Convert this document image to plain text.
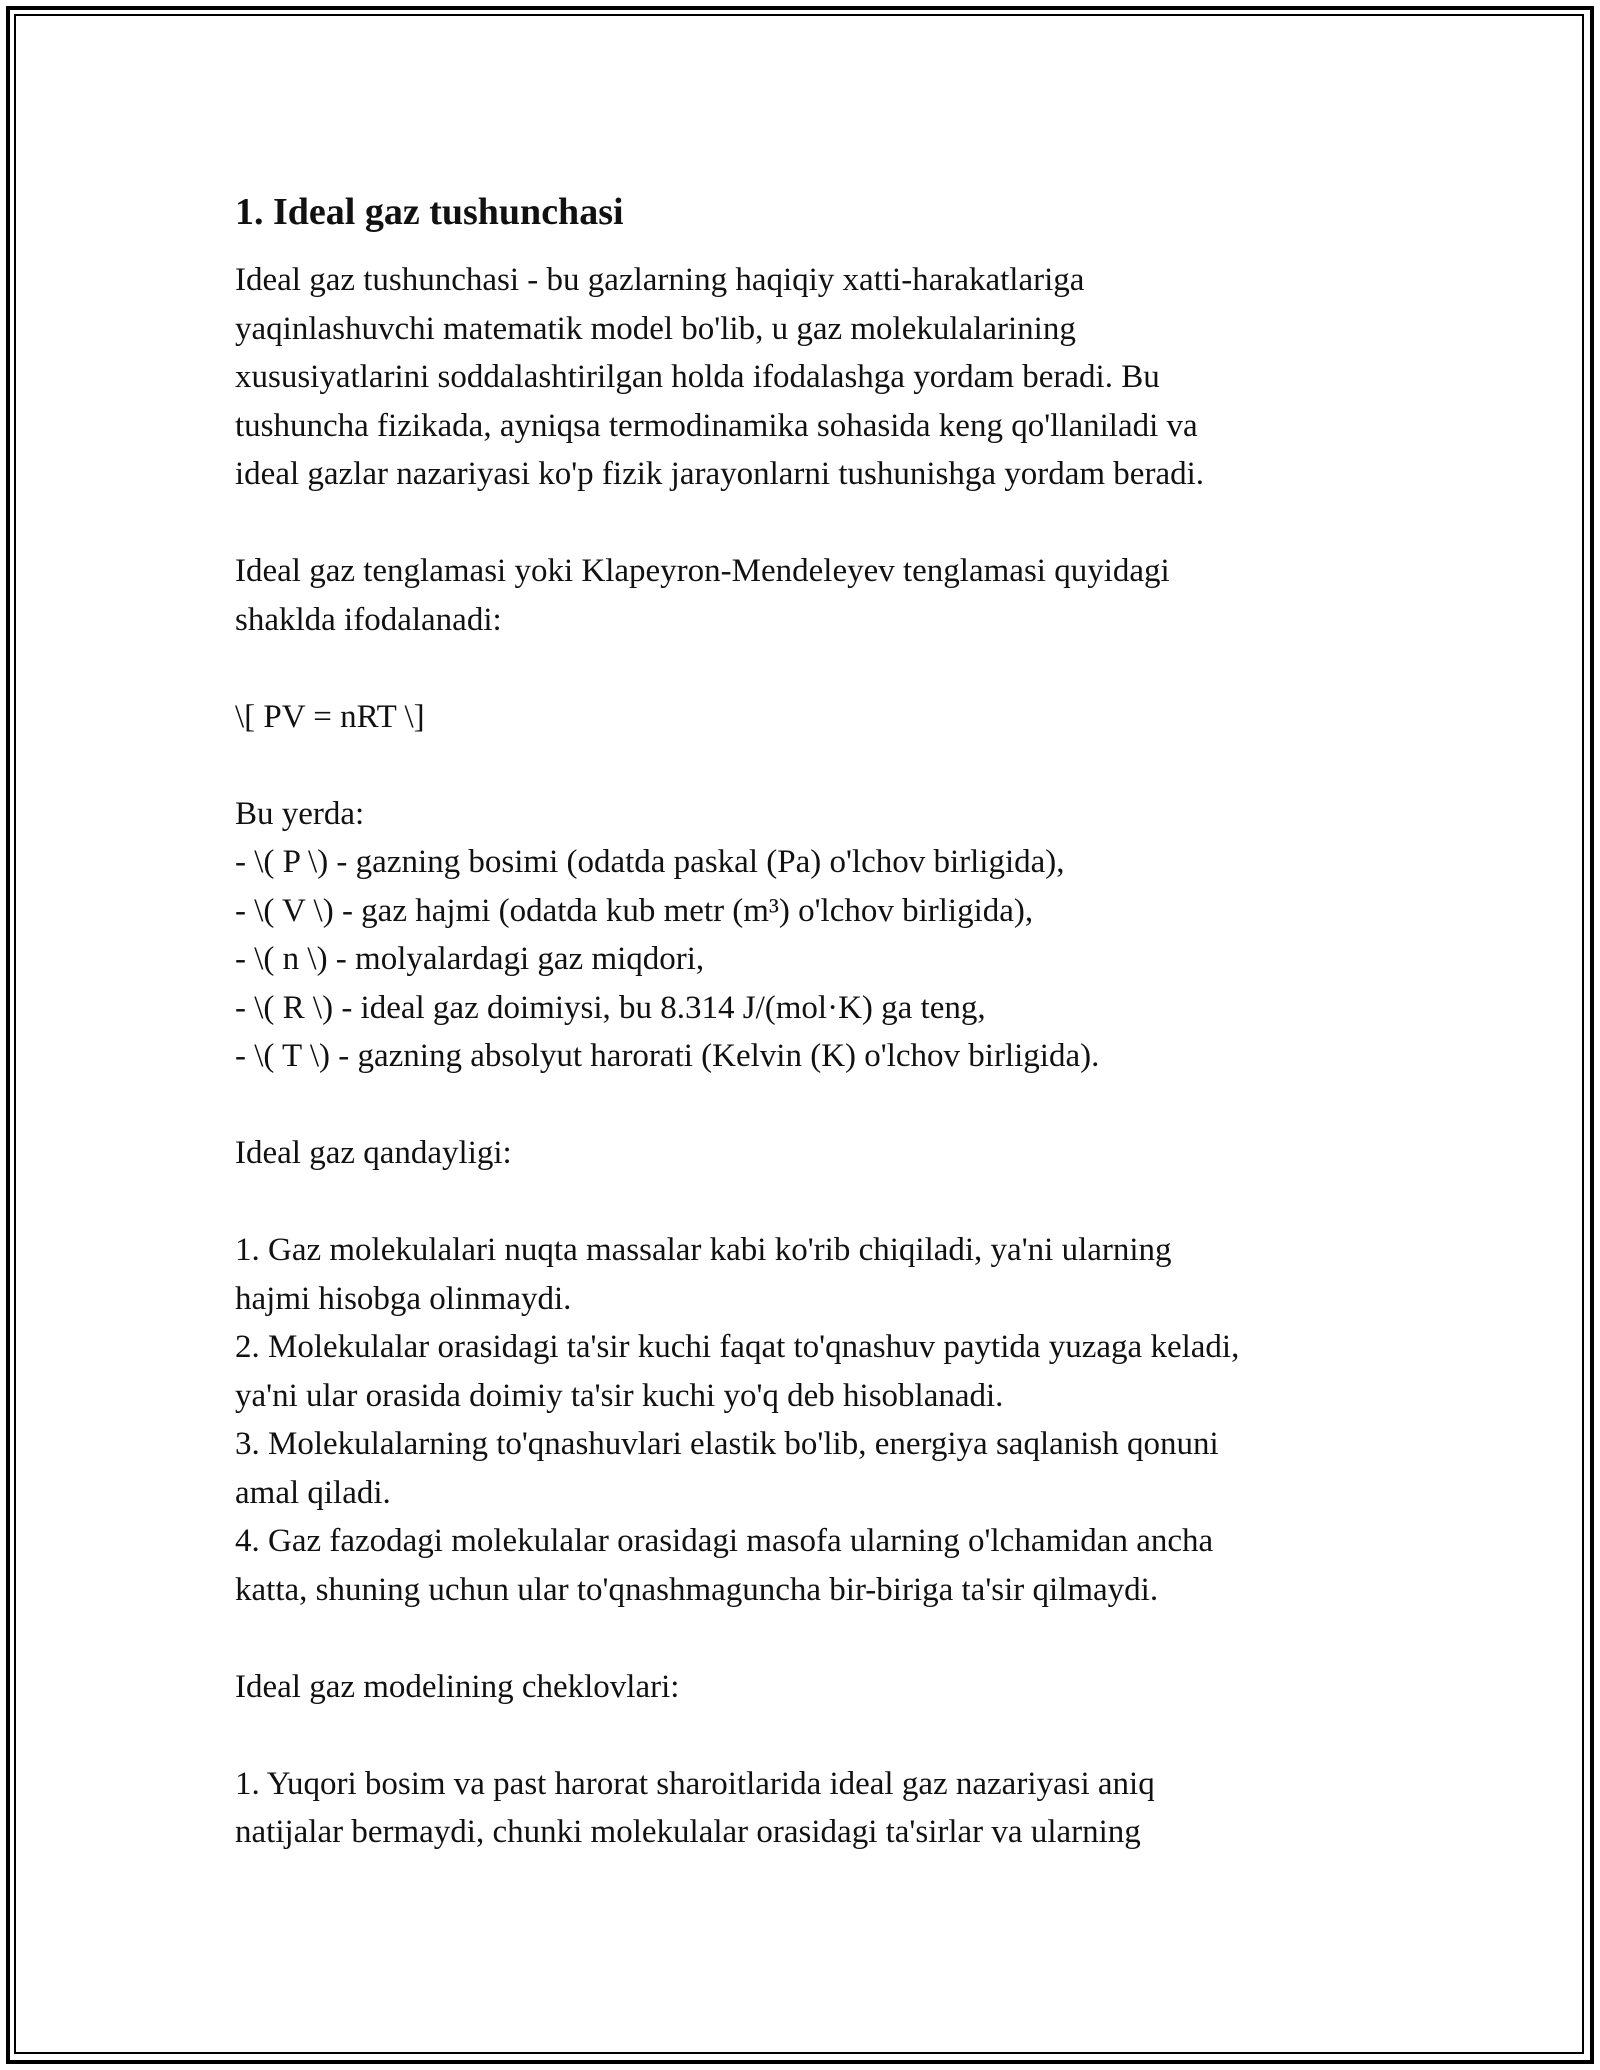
1. Ideal gaz tushunchasi
Ideal gaz tushunchasi - bu gazlarning haqiqiy xatti-harakatlariga
yaqinlashuvchi matematik model bo'lib, u gaz molekulalarining
xususiyatlarini soddalashtirilgan holda ifodalashga yordam beradi. Bu
tushuncha fizikada, ayniqsa termodinamika sohasida keng qo'llaniladi va
ideal gazlar nazariyasi ko'p fizik jarayonlarni tushunishga yordam beradi.
Ideal gaz tenglamasi yoki Klapeyron-Mendeleyev tenglamasi quyidagi
shaklda ifodalanadi:
\[ PV = nRT \]
Bu yerda:
- \( P \) - gazning bosimi (odatda paskal (Pa) o'lchov birligida),
- \( V \) - gaz hajmi (odatda kub metr (m³) o'lchov birligida),
- \( n \) - molyalardagi gaz miqdori,
- \( R \) - ideal gaz doimiysi, bu 8.314 J/(mol·K) ga teng,
- \( T \) - gazning absolyut harorati (Kelvin (K) o'lchov birligida).
Ideal gaz qandayligi:
1. Gaz molekulalari nuqta massalar kabi ko'rib chiqiladi, ya'ni ularning
hajmi hisobga olinmaydi.
2. Molekulalar orasidagi ta'sir kuchi faqat to'qnashuv paytida yuzaga keladi,
ya'ni ular orasida doimiy ta'sir kuchi yo'q deb hisoblanadi.
3. Molekulalarning to'qnashuvlari elastik bo'lib, energiya saqlanish qonuni
amal qiladi.
4. Gaz fazodagi molekulalar orasidagi masofa ularning o'lchamidan ancha
katta, shuning uchun ular to'qnashmaguncha bir-biriga ta'sir qilmaydi.
Ideal gaz modelining cheklovlari:
1. Yuqori bosim va past harorat sharoitlarida ideal gaz nazariyasi aniq
natijalar bermaydi, chunki molekulalar orasidagi ta'sirlar va ularning
